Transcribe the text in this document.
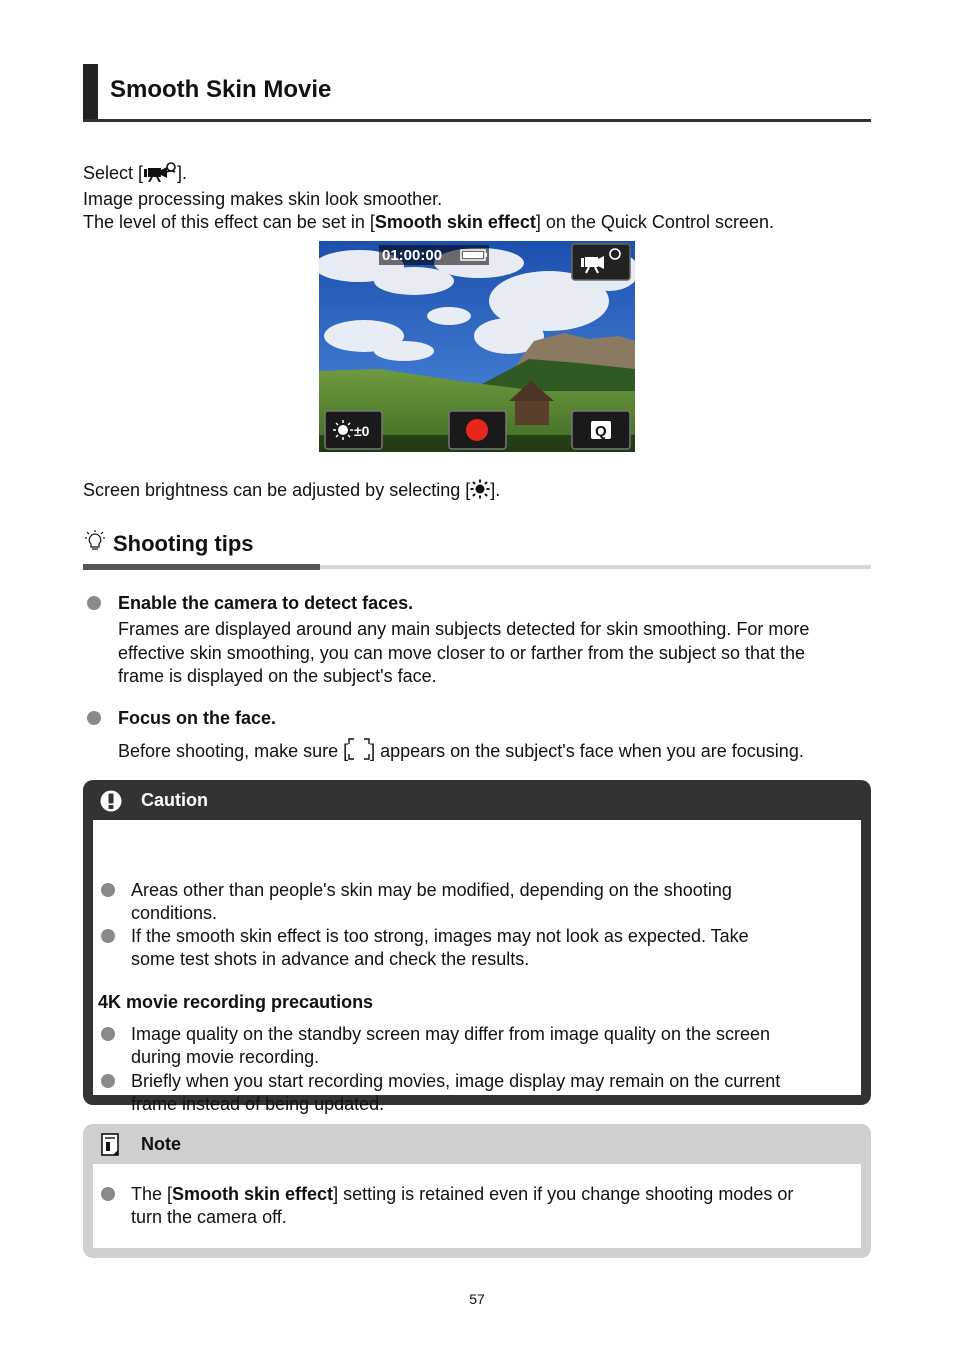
Smooth Skin Movie
Select [ ].
Image processing makes skin look smoother.
The level of this effect can be set in [Smooth skin effect] on the Quick Control screen.
01:00:00
±0	Q
Screen brightness can be adjusted by selecting [ ].
Shooting tips
Enable the camera to detect faces.
Frames are displayed around any main subjects detected for skin smoothing. For more
effective skin smoothing, you can move closer to or farther from the subject so that the
frame is displayed on the subject's face.
Focus on the face.
Before shooting, make sure [ ] appears on the subject's face when you are focusing.
Caution
Areas other than people's skin may be modified, depending on the shooting
conditions.
If the smooth skin effect is too strong, images may not look as expected. Take
some test shots in advance and check the results.
4K movie recording precautions
Image quality on the standby screen may differ from image quality on the screen
during movie recording.
Briefly when you start recording movies, image display may remain on the current
frame instead of being updated.
Note
The [Smooth skin effect] setting is retained even if you change shooting modes or
turn the camera off.
57
